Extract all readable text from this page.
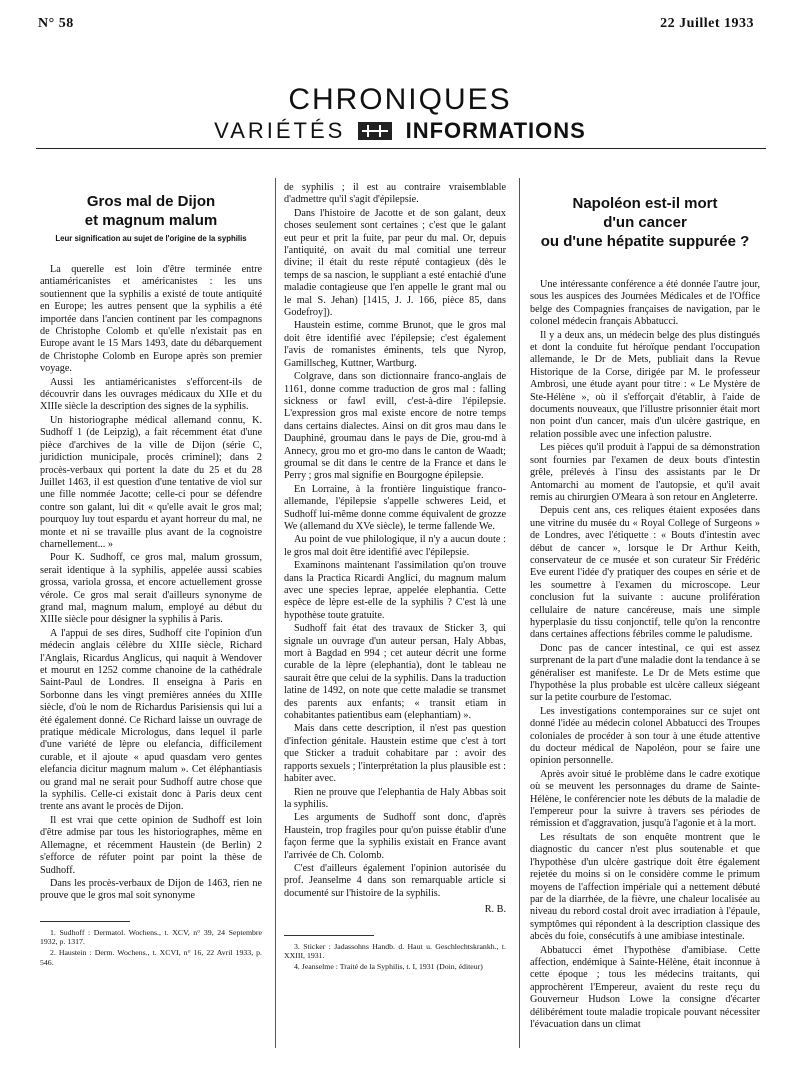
N° 58	22 Juillet 1933
CHRONIQUES
VARIÉTÉS	INFORMATIONS
Gros mal de Dijon
et magnum malum
Leur signification au sujet de l'origine de la syphilis

La querelle est loin d'être terminée entre antiaméricanistes et américanistes : les uns soutiennent que la syphilis a existé de toute antiquité en Europe; les autres pensent que la syphilis a été importée dans l'ancien continent par les compagnons de Christophe Colomb et qu'elle n'existait pas en Europe avant le 15 Mars 1493, date du débarquement de Christophe Colomb en Europe après son premier voyage.

Aussi les antiaméricanistes s'efforcent-ils de découvrir dans les ouvrages médicaux du XIIe et du XIIIe siècle la description des signes de la syphilis.

Un historiographe médical allemand connu, K. Sudhoff 1 (de Leipzig), a fait récemment état d'une pièce d'archives de la ville de Dijon (série C, juridiction municipale, procès criminel); dans 2 procès-verbaux qui portent la date du 25 et du 28 Juillet 1463, il est question d'une tentative de viol sur une fille nommée Jacotte; celle-ci pour se défendre contre son galant, lui dit « qu'elle avait le gros mal; pourquoy luy tout espardu et ayant horreur du mal, ne monte et ni se travaille plus avant de la cognoistre charnellement... »

Pour K. Sudhoff, ce gros mal, malum grossum, serait identique à la syphilis, appelée aussi scabies grossa, variola grossa, et encore actuellement grosse vérole. Ce gros mal serait d'ailleurs synonyme de grand mal, magnum malum, employé au début du XIIIe siècle pour désigner la syphilis à Paris.

A l'appui de ses dires, Sudhoff cite l'opinion d'un médecin anglais célèbre du XIIIe siècle, Richard l'Anglais, Ricardus Anglicus, qui naquit à Wendover et mourut en 1252 comme chanoine de la cathédrale Saint-Paul de Londres. Il enseigna à Paris en Sorbonne dans les vingt premières années du XIIIe siècle, d'où le nom de Richardus Parisiensis qui lui a été également donné. Ce Richard laisse un ouvrage de pratique médicale Micrologus, dans lequel il parle d'une variété de lèpre ou elefancia, difficilement curable, et il ajoute « apud quasdam vero gentes elefancia dicitur magnum malum ». Cet éléphantiasis ou grand mal ne serait pour Sudhoff autre chose que la syphilis. Celle-ci existait donc à Paris deux cent trente ans avant le procès de Dijon.

Il est vrai que cette opinion de Sudhoff est loin d'être admise par tous les historiographes, même en Allemagne, et récemment Haustein (de Berlin) 2 s'efforce de réfuter point par point la thèse de Sudhoff.

Dans les procès-verbaux de Dijon de 1463, rien ne prouve que le gros mal soit synonyme

1. Sudhoff : Dermatol. Wochens., t. XCV, n° 39, 24 Septembre 1932, p. 1317.

2. Haustein : Derm. Wochens., t. XCVI, n° 16, 22 Avril 1933, p. 546.

de syphilis ; il est au contraire vraisemblable d'admettre qu'il s'agit d'épilepsie.

Dans l'histoire de Jacotte et de son galant, deux choses seulement sont certaines ; c'est que le galant eut peur et prit la fuite, par peur du mal. Or, depuis l'antiquité, on avait du mal comitial une terreur divine; il était du reste réputé contagieux (dès le temps de sa nascion, le suppliant a esté entachié d'une maladie contagieuse que l'en appelle le grant mal ou le mal S. Jehan) [1415, J. J. 166, pièce 85, dans Godefroy]).

Haustein estime, comme Brunot, que le gros mal doit être identifié avec l'épilepsie; c'est également l'avis de romanistes éminents, tels que Nyrop, Gamillscheg, Kuttner, Wartburg.

Colgrave, dans son dictionnaire franco-anglais de 1161, donne comme traduction de gros mal : falling sickness or fawl evill, c'est-à-dire l'épilepsie. L'expression gros mal existe encore de notre temps dans certains dialectes. Ainsi on dit gros mau dans le Dauphiné, groumau dans le pays de Die, grou-md à Annecy, grou mo et gro-mo dans le canton de Waadt; groumal se dit dans le centre de la France et dans le Perry ; gros mal signifie en Bourgogne épilepsie.

En Lorraine, à la frontière linguistique franco-allemande, l'épilepsie s'appelle schweres Leid, et Sudhoff lui-même donne comme équivalent de grozze We (allemand du XVe siècle), le terme fallende We.

Au point de vue philologique, il n'y a aucun doute : le gros mal doit être identifié avec l'épilepsie.

Examinons maintenant l'assimilation qu'on trouve dans la Practica Ricardi Anglici, du magnum malum avec une species leprae, appelée elephantia. Cette espèce de lèpre est-elle de la syphilis ? C'est là une hypothèse toute gratuite.

Sudhoff fait état des travaux de Sticker 3, qui signale un ouvrage d'un auteur persan, Haly Abbas, mort à Bagdad en 994 ; cet auteur décrit une forme curable de la lèpre (elephantia), dont le tableau ne saurait être que celui de la syphilis. Dans la traduction latine de 1492, on note que cette maladie se transmet des parents aux enfants; « transit etiam in cohabitantes patientibus eam (elephantiam) ».

Mais dans cette description, il n'est pas question d'infection génitale. Haustein estime que c'est à tort que Sticker a traduit cohabitare par : avoir des rapports sexuels ; l'interprétation la plus plausible est : habiter avec.

Rien ne prouve que l'elephantia de Haly Abbas soit la syphilis.

Les arguments de Sudhoff sont donc, d'après Haustein, trop fragiles pour qu'on puisse établir d'une façon ferme que la syphilis existait en France avant l'arrivée de Ch. Colomb.

C'est d'ailleurs également l'opinion autorisée du prof. Jeanselme 4 dans son remarquable article si documenté sur l'histoire de la syphilis.

R. B.

3. Sticker : Jadassohns Handb. d. Haut u. Geschlechtskrankh., t. XXIII, 1931.

4. Jeanselme : Traité de la Syphilis, t. I, 1931 (Doin, éditeur)

Napoléon est-il mort
d'un cancer
ou d'une hépatite suppurée ?

Une intéressante conférence a été donnée l'autre jour, sous les auspices des Journées Médicales et de l'Office belge des Compagnies françaises de navigation, par le colonel médecin français Abbatucci.

Il y a deux ans, un médecin belge des plus distingués et dont la conduite fut héroïque pendant l'occupation allemande, le Dr de Mets, publiait dans la Revue Historique de la Corse, dirigée par M. le professeur Ambrosi, une étude ayant pour titre : « Le Mystère de Ste-Hélène », où il s'efforçait d'établir, à l'aide de documents nouveaux, que l'illustre prisonnier était mort non point d'un cancer, mais d'un ulcère gastrique, en relation possible avec une infection palustre.

Les pièces qu'il produit à l'appui de sa démonstration sont fournies par l'examen de deux bouts d'intestin grêle, prélevés à l'insu des assistants par le Dr Antomarchi au moment de l'autopsie, et qu'il avait remis au chirurgien O'Meara à son retour en Angleterre.

Depuis cent ans, ces reliques étaient exposées dans une vitrine du musée du « Royal College of Surgeons » de Londres, avec l'étiquette : « Bouts d'intestin avec début de cancer », lorsque le Dr Arthur Keith, conservateur de ce musée et son curateur Sir Frédéric Eve eurent l'idée d'y pratiquer des coupes en série et de les soumettre à l'examen du microscope. Leur conclusion fut la suivante : aucune prolifération cellulaire de nature cancéreuse, mais une simple hyperplasie du tissu conjonctif, telle qu'on la rencontre dans certaines affections fébriles comme le paludisme.

Donc pas de cancer intestinal, ce qui est assez surprenant de la part d'une maladie dont la tendance à se généraliser est manifeste. Le Dr de Mets estime que l'hypothèse la plus probable est ulcère calleux siégeant sur la petite courbure de l'estomac.

Les investigations contemporaines sur ce sujet ont donné l'idée au médecin colonel Abbatucci des Troupes coloniales de procéder à son tour à une étude attentive du docteur médical de Napoléon, pour se faire une opinion personnelle.

Après avoir situé le problème dans le cadre exotique où se meuvent les personnages du drame de Sainte-Hélène, le conférencier note les débuts de la maladie de l'empereur pour la suivre à travers ses périodes de rémission et d'aggravation, jusqu'à l'agonie et à la mort.

Les résultats de son enquête montrent que le diagnostic du cancer n'est plus soutenable et que l'hypothèse d'un ulcère gastrique doit être également rejetée du moins si on le considère comme le primum moyens de l'affection impériale qui a nettement débuté par de la diarrhée, de la fièvre, une chaleur localisée au niveau du rebord costal droit avec irradiation à l'épaule, symptômes qui répondent à la description classique des abcès du foie, consécutifs à une amibiase intestinale.

Abbatucci émet l'hypothèse d'amibiase. Cette affection, endémique à Sainte-Hélène, était inconnue à cette époque ; tous les médecins traitants, qui approchèrent l'Empereur, avaient du reste reçu du Gouverneur Hudson Lowe la consigne d'écarter délibérément toute maladie tropicale pouvant nécessiter l'évacuation dans un climat
